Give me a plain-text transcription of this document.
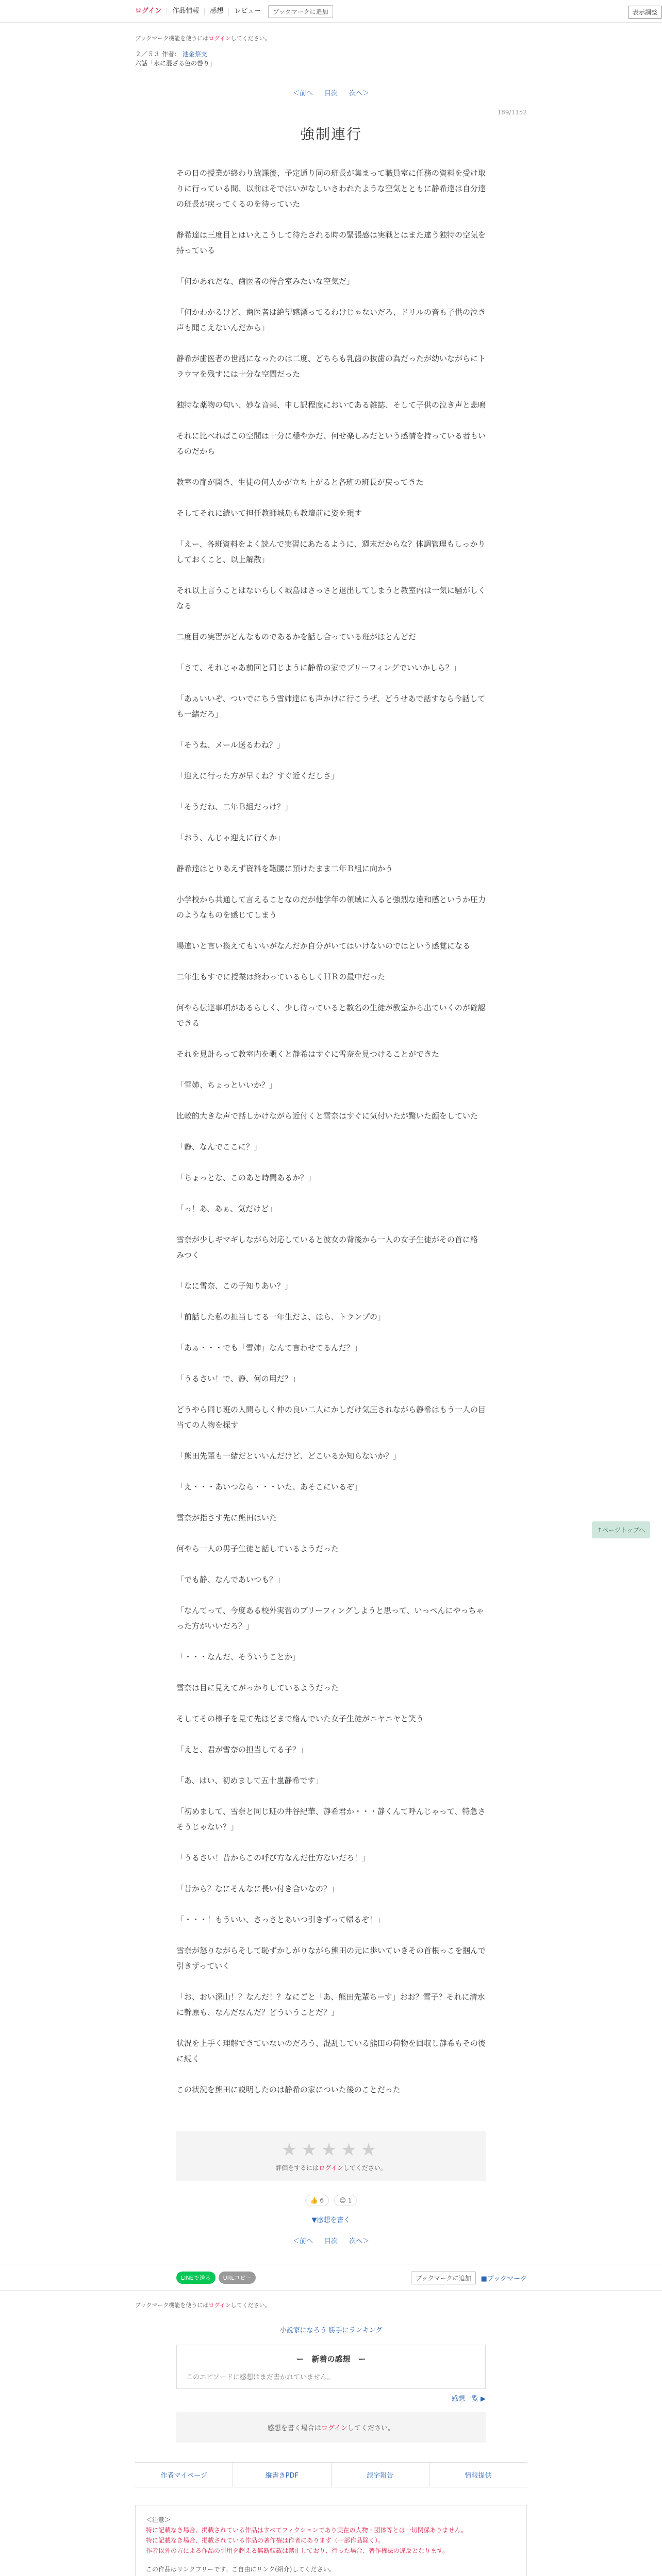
ログイン	作品情報	感想	レビュー	ブックマークに追加	表示調整
ブックマーク機能を使うにはログインしてください。
２／５３ 作者： 池金蔡支
六話「水に混ざる色の巻り」
＜前へ 目次 次へ＞
189/1152
強制連行

その日の授業が終わり放課後、予定通り同の班長が集まって職員室に任務の資料を受け取りに行っている間、以前はそではいがなしいさわれたような空気とともに静希達は自分達の班長が戻ってくるのを待っていた

静希達は三度目とはいえこうして待たされる時の緊張感は実戦とはまた違う独特の空気を持っている

「何かあれだな、歯医者の待合室みたいな空気だ」

「何かわかるけど、歯医者は絶望感漂ってるわけじゃないだろ、ドリルの音も子供の泣き声も聞こえないんだから」

静希が歯医者の世話になったのは二度、どちらも乳歯の抜歯の為だったが幼いながらにトラウマを残すには十分な空間だった

独特な薬物の匂い、妙な音楽、申し訳程度においてある雑誌、そして子供の泣き声と悲鳴

それに比べればこの空間は十分に穏やかだ、何せ楽しみだという感情を持っている者もいるのだから

教室の扉が開き、生徒の何人かが立ち上がると各班の班長が戻ってきた

そしてそれに続いて担任教師城島も教壇前に姿を現す

「えー、各班資料をよく読んで実習にあたるように、週末だからな？体調管理もしっかりしておくこと、以上解散」

それ以上言うことはないらしく城島はさっさと退出してしまうと教室内は一気に騒がしくなる

二度目の実習がどんなものであるかを話し合っている班がほとんどだ

「さて、それじゃあ前回と同じように静希の家でブリーフィングでいいかしら？」

「あぁいいぞ、ついでにちう雪姉達にも声かけに行こうぜ、どうせあで話すなら今話しても一緒だろ」

「そうね、メール送るわね？」

「迎えに行った方が早くね？すぐ近くだしさ」

「そうだね、二年Ｂ組だっけ？」

「おう、んじゃ迎えに行くか」

静希達はとりあえず資料を鞄腰に預けたまま二年Ｂ組に向かう

小学校から共通して言えることなのだが他学年の領域に入ると強烈な違和感というか圧力のようなものを感じてしまう

場違いと言い換えてもいいがなんだか自分がいてはいけないのではという感覚になる

二年生もすでに授業は終わっているらしくＨＲの最中だった

何やら伝達事項があるらしく、少し待っていると数名の生徒が教室から出ていくのが確認できる

それを見計らって教室内を覗くと静希はすぐに雪奈を見つけることができた

「雪姉、ちょっといいか？」

比較的大きな声で話しかけながら近付くと雪奈はすぐに気付いたが驚いた顔をしていた

「静、なんでここに？」

「ちょっとな、このあと時間あるか？」

「っ！あ、あぁ、気だけど」

雪奈が少しギマギしながら対応していると彼女の背後から一人の女子生徒がその首に絡みつく

「なに雪奈、この子知りあい？」

「前話した私の担当してる一年生だよ、ほら、トランプの」

「あぁ・・・でも「雪姉」なんて言わせてるんだ？」

「うるさい！で、静、何の用だ？」

どうやら同じ班の人間らしく仲の良い二人にかしだけ気圧されながら静希はもう一人の目当ての人物を探す

「熊田先輩も一緒だといいんだけど、どこいるか知らないか？」

「え・・・あいつなら・・・いた、あそこにいるぞ」

雪奈が指さす先に熊田はいた

何やら一人の男子生徒と話しているようだった

「でも静、なんであいつも？」

「なんてって、今度ある校外実習のブリーフィングしようと思って、いっぺんにやっちゃった方がいいだろ？」

「・・・なんだ、そういうことか」

雪奈は目に見えてがっかりしているようだった

そしてその様子を見て先ほどまで絡んでいた女子生徒がニヤニヤと笑う

「えと、君が雪奈の担当してる子？」

「あ、はい、初めまして五十嵐静希です」

「初めまして、雪奈と同じ班の井谷紀華、静希君か・・・静くんて呼んじゃって、特急さそうじゃない？」

「うるさい！昔からこの呼び方なんだ仕方ないだろ！」

「昔から？なにそんなに長い付き合いなの？」

「・・・！もういい、さっさとあいつ引きずって帰るぞ！」

雪奈が怒りながらそして恥ずかしがりながら熊田の元に歩いていきその首根っこを掴んで引きずっていく

「お、おい深山！？なんだ！？なにごと「あ、熊田先輩ちーす」おお？雪子？それに清水に幹原も、なんだなんだ？どういうことだ？」

状況を上手く理解できていないのだろう、混乱している熊田の荷物を回収し静希もその後に続く

この状況を熊田に説明したのは静希の家についた後のことだった

★★★★★
評価をするにはログインしてください。
👍 6	😊 1
▼感想を書く
＜前へ 目次 次へ＞
LINEで送る	URLコピー	ブックマークに追加	■ブックマーク
ブックマーク機能を使うにはログインしてください。
小説家になろう 勝手にランキング
ー　新着の感想　ー
このエピソードに感想はまだ書かれていません。
感想一覧 ▶
感想を書く場合はログインしてください。
作者マイページ	縦書きPDF	誤字報告	情報提供
＜注意＞
特に記載なき場合、掲載されている作品はすべてフィクションであり実在の人物・団体等とは一切関係ありません。
特に記載なき場合、掲載されている作品の著作権は作者にあります（一部作品除く）。
作者以外の方による作品の引用を超える無断転載は禁止しており、行った場合、著作権法の違反となります。
この作品はリンクフリーです。ご自由にリンク(紹介)してください。
↑ページトップへ
